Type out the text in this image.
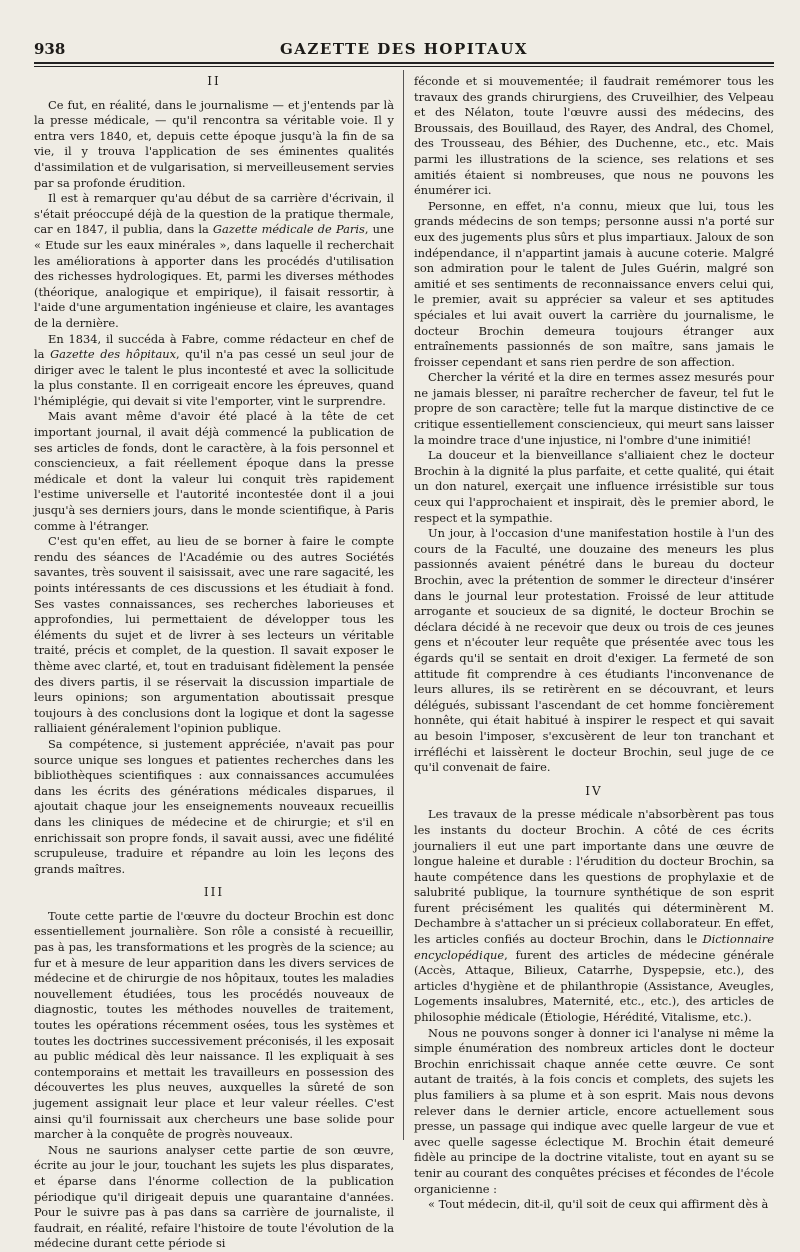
938	GAZETTE DES HOPITAUX

II

Ce fut, en réalité, dans le journalisme — et j'entends par là la presse médicale, — qu'il rencontra sa véritable voie. Il y entra vers 1840, et, depuis cette époque jusqu'à la fin de sa vie, il y trouva l'application de ses éminentes qualités d'assimilation et de vulgarisation, si merveilleusement servies par sa profonde érudition.

Il est à remarquer qu'au début de sa carrière d'écrivain, il s'était préoccupé déjà de la question de la pratique thermale, car en 1847, il publia, dans la Gazette médicale de Paris, une « Etude sur les eaux minérales », dans laquelle il recherchait les améliorations à apporter dans les procédés d'utilisation des richesses hydrologiques. Et, parmi les diverses méthodes (théorique, analogique et empirique), il faisait ressortir, à l'aide d'une argumentation ingénieuse et claire, les avantages de la dernière.

En 1834, il succéda à Fabre, comme rédacteur en chef de la Gazette des hôpitaux, qu'il n'a pas cessé un seul jour de diriger avec le talent le plus incontesté et avec la sollicitude la plus constante. Il en corrigeait encore les épreuves, quand l'hémiplégie, qui devait si vite l'emporter, vint le surprendre.

Mais avant même d'avoir été placé à la tête de cet important journal, il avait déjà commencé la publication de ses articles de fonds, dont le caractère, à la fois personnel et consciencieux, a fait réellement époque dans la presse médicale et dont la valeur lui conquit très rapidement l'estime universelle et l'autorité incontestée dont il a joui jusqu'à ses derniers jours, dans le monde scientifique, à Paris comme à l'étranger.

C'est qu'en effet, au lieu de se borner à faire le compte rendu des séances de l'Académie ou des autres Sociétés savantes, très souvent il saisissait, avec une rare sagacité, les points intéressants de ces discussions et les étudiait à fond. Ses vastes connaissances, ses recherches laborieuses et approfondies, lui permettaient de développer tous les éléments du sujet et de livrer à ses lecteurs un véritable traité, précis et complet, de la question. Il savait exposer le thème avec clarté, et, tout en traduisant fidèlement la pensée des divers partis, il se réservait la discussion impartiale de leurs opinions; son argumentation aboutissait presque toujours à des conclusions dont la logique et dont la sagesse ralliaient généralement l'opinion publique.

Sa compétence, si justement appréciée, n'avait pas pour source unique ses longues et patientes recherches dans les bibliothèques scientifiques : aux connaissances accumulées dans les écrits des générations médicales disparues, il ajoutait chaque jour les enseignements nouveaux recueillis dans les cliniques de médecine et de chirurgie; et s'il en enrichissait son propre fonds, il savait aussi, avec une fidélité scrupuleuse, traduire et répandre au loin les leçons des grands maîtres.

III

Toute cette partie de l'œuvre du docteur Brochin est donc essentiellement journalière. Son rôle a consisté à recueillir, pas à pas, les transformations et les progrès de la science; au fur et à mesure de leur apparition dans les divers services de médecine et de chirurgie de nos hôpitaux, toutes les maladies nouvellement étudiées, tous les procédés nouveaux de diagnostic, toutes les méthodes nouvelles de traitement, toutes les opérations récemment osées, tous les systèmes et toutes les doctrines successivement préconisés, il les exposait au public médical dès leur naissance. Il les expliquait à ses contemporains et mettait les travailleurs en possession des découvertes les plus neuves, auxquelles la sûreté de son jugement assignait leur place et leur valeur réelles. C'est ainsi qu'il fournissait aux chercheurs une base solide pour marcher à la conquête de progrès nouveaux.

Nous ne saurions analyser cette partie de son œuvre, écrite au jour le jour, touchant les sujets les plus disparates, et éparse dans l'énorme collection de la publication périodique qu'il dirigeait depuis une quarantaine d'années. Pour le suivre pas à pas dans sa carrière de journaliste, il faudrait, en réalité, refaire l'histoire de toute l'évolution de la médecine durant cette période si

féconde et si mouvementée; il faudrait remémorer tous les travaux des grands chirurgiens, des Cruveilhier, des Velpeau et des Nélaton, toute l'œuvre aussi des médecins, des Broussais, des Bouillaud, des Rayer, des Andral, des Chomel, des Trousseau, des Béhier, des Duchenne, etc., etc. Mais parmi les illustrations de la science, ses relations et ses amitiés étaient si nombreuses, que nous ne pouvons les énumérer ici.

Personne, en effet, n'a connu, mieux que lui, tous les grands médecins de son temps; personne aussi n'a porté sur eux des jugements plus sûrs et plus impartiaux. Jaloux de son indépendance, il n'appartint jamais à aucune coterie. Malgré son admiration pour le talent de Jules Guérin, malgré son amitié et ses sentiments de reconnaissance envers celui qui, le premier, avait su apprécier sa valeur et ses aptitudes spéciales et lui avait ouvert la carrière du journalisme, le docteur Brochin demeura toujours étranger aux entraînements passionnés de son maître, sans jamais le froisser cependant et sans rien perdre de son affection.

Chercher la vérité et la dire en termes assez mesurés pour ne jamais blesser, ni paraître rechercher de faveur, tel fut le propre de son caractère; telle fut la marque distinctive de ce critique essentiellement consciencieux, qui meurt sans laisser la moindre trace d'une injustice, ni l'ombre d'une inimitié!

La douceur et la bienveillance s'alliaient chez le docteur Brochin à la dignité la plus parfaite, et cette qualité, qui était un don naturel, exerçait une influence irrésistible sur tous ceux qui l'approchaient et inspirait, dès le premier abord, le respect et la sympathie.

Un jour, à l'occasion d'une manifestation hostile à l'un des cours de la Faculté, une douzaine des meneurs les plus passionnés avaient pénétré dans le bureau du docteur Brochin, avec la prétention de sommer le directeur d'insérer dans le journal leur protestation. Froissé de leur attitude arrogante et soucieux de sa dignité, le docteur Brochin se déclara décidé à ne recevoir que deux ou trois de ces jeunes gens et n'écouter leur requête que présentée avec tous les égards qu'il se sentait en droit d'exiger. La fermeté de son attitude fit comprendre à ces étudiants l'inconvenance de leurs allures, ils se retirèrent en se découvrant, et leurs délégués, subissant l'ascendant de cet homme foncièrement honnête, qui était habitué à inspirer le respect et qui savait au besoin l'imposer, s'excusèrent de leur ton tranchant et irréfléchi et laissèrent le docteur Brochin, seul juge de ce qu'il convenait de faire.

IV

Les travaux de la presse médicale n'absorbèrent pas tous les instants du docteur Brochin. A côté de ces écrits journaliers il eut une part importante dans une œuvre de longue haleine et durable : l'érudition du docteur Brochin, sa haute compétence dans les questions de prophylaxie et de salubrité publique, la tournure synthétique de son esprit furent précisément les qualités qui déterminèrent M. Dechambre à s'attacher un si précieux collaborateur. En effet, les articles confiés au docteur Brochin, dans le Dictionnaire encyclopédique, furent des articles de médecine générale (Accès, Attaque, Bilieux, Catarrhe, Dyspepsie, etc.), des articles d'hygiène et de philanthropie (Assistance, Aveugles, Logements insalubres, Maternité, etc., etc.), des articles de philosophie médicale (Étiologie, Hérédité, Vitalisme, etc.).

Nous ne pouvons songer à donner ici l'analyse ni même la simple énumération des nombreux articles dont le docteur Brochin enrichissait chaque année cette œuvre. Ce sont autant de traités, à la fois concis et complets, des sujets les plus familiers à sa plume et à son esprit. Mais nous devons relever dans le dernier article, encore actuellement sous presse, un passage qui indique avec quelle largeur de vue et avec quelle sagesse éclectique M. Brochin était demeuré fidèle au principe de la doctrine vitaliste, tout en ayant su se tenir au courant des conquêtes précises et fécondes de l'école organicienne :

« Tout médecin, dit-il, qu'il soit de ceux qui affirment dès à
